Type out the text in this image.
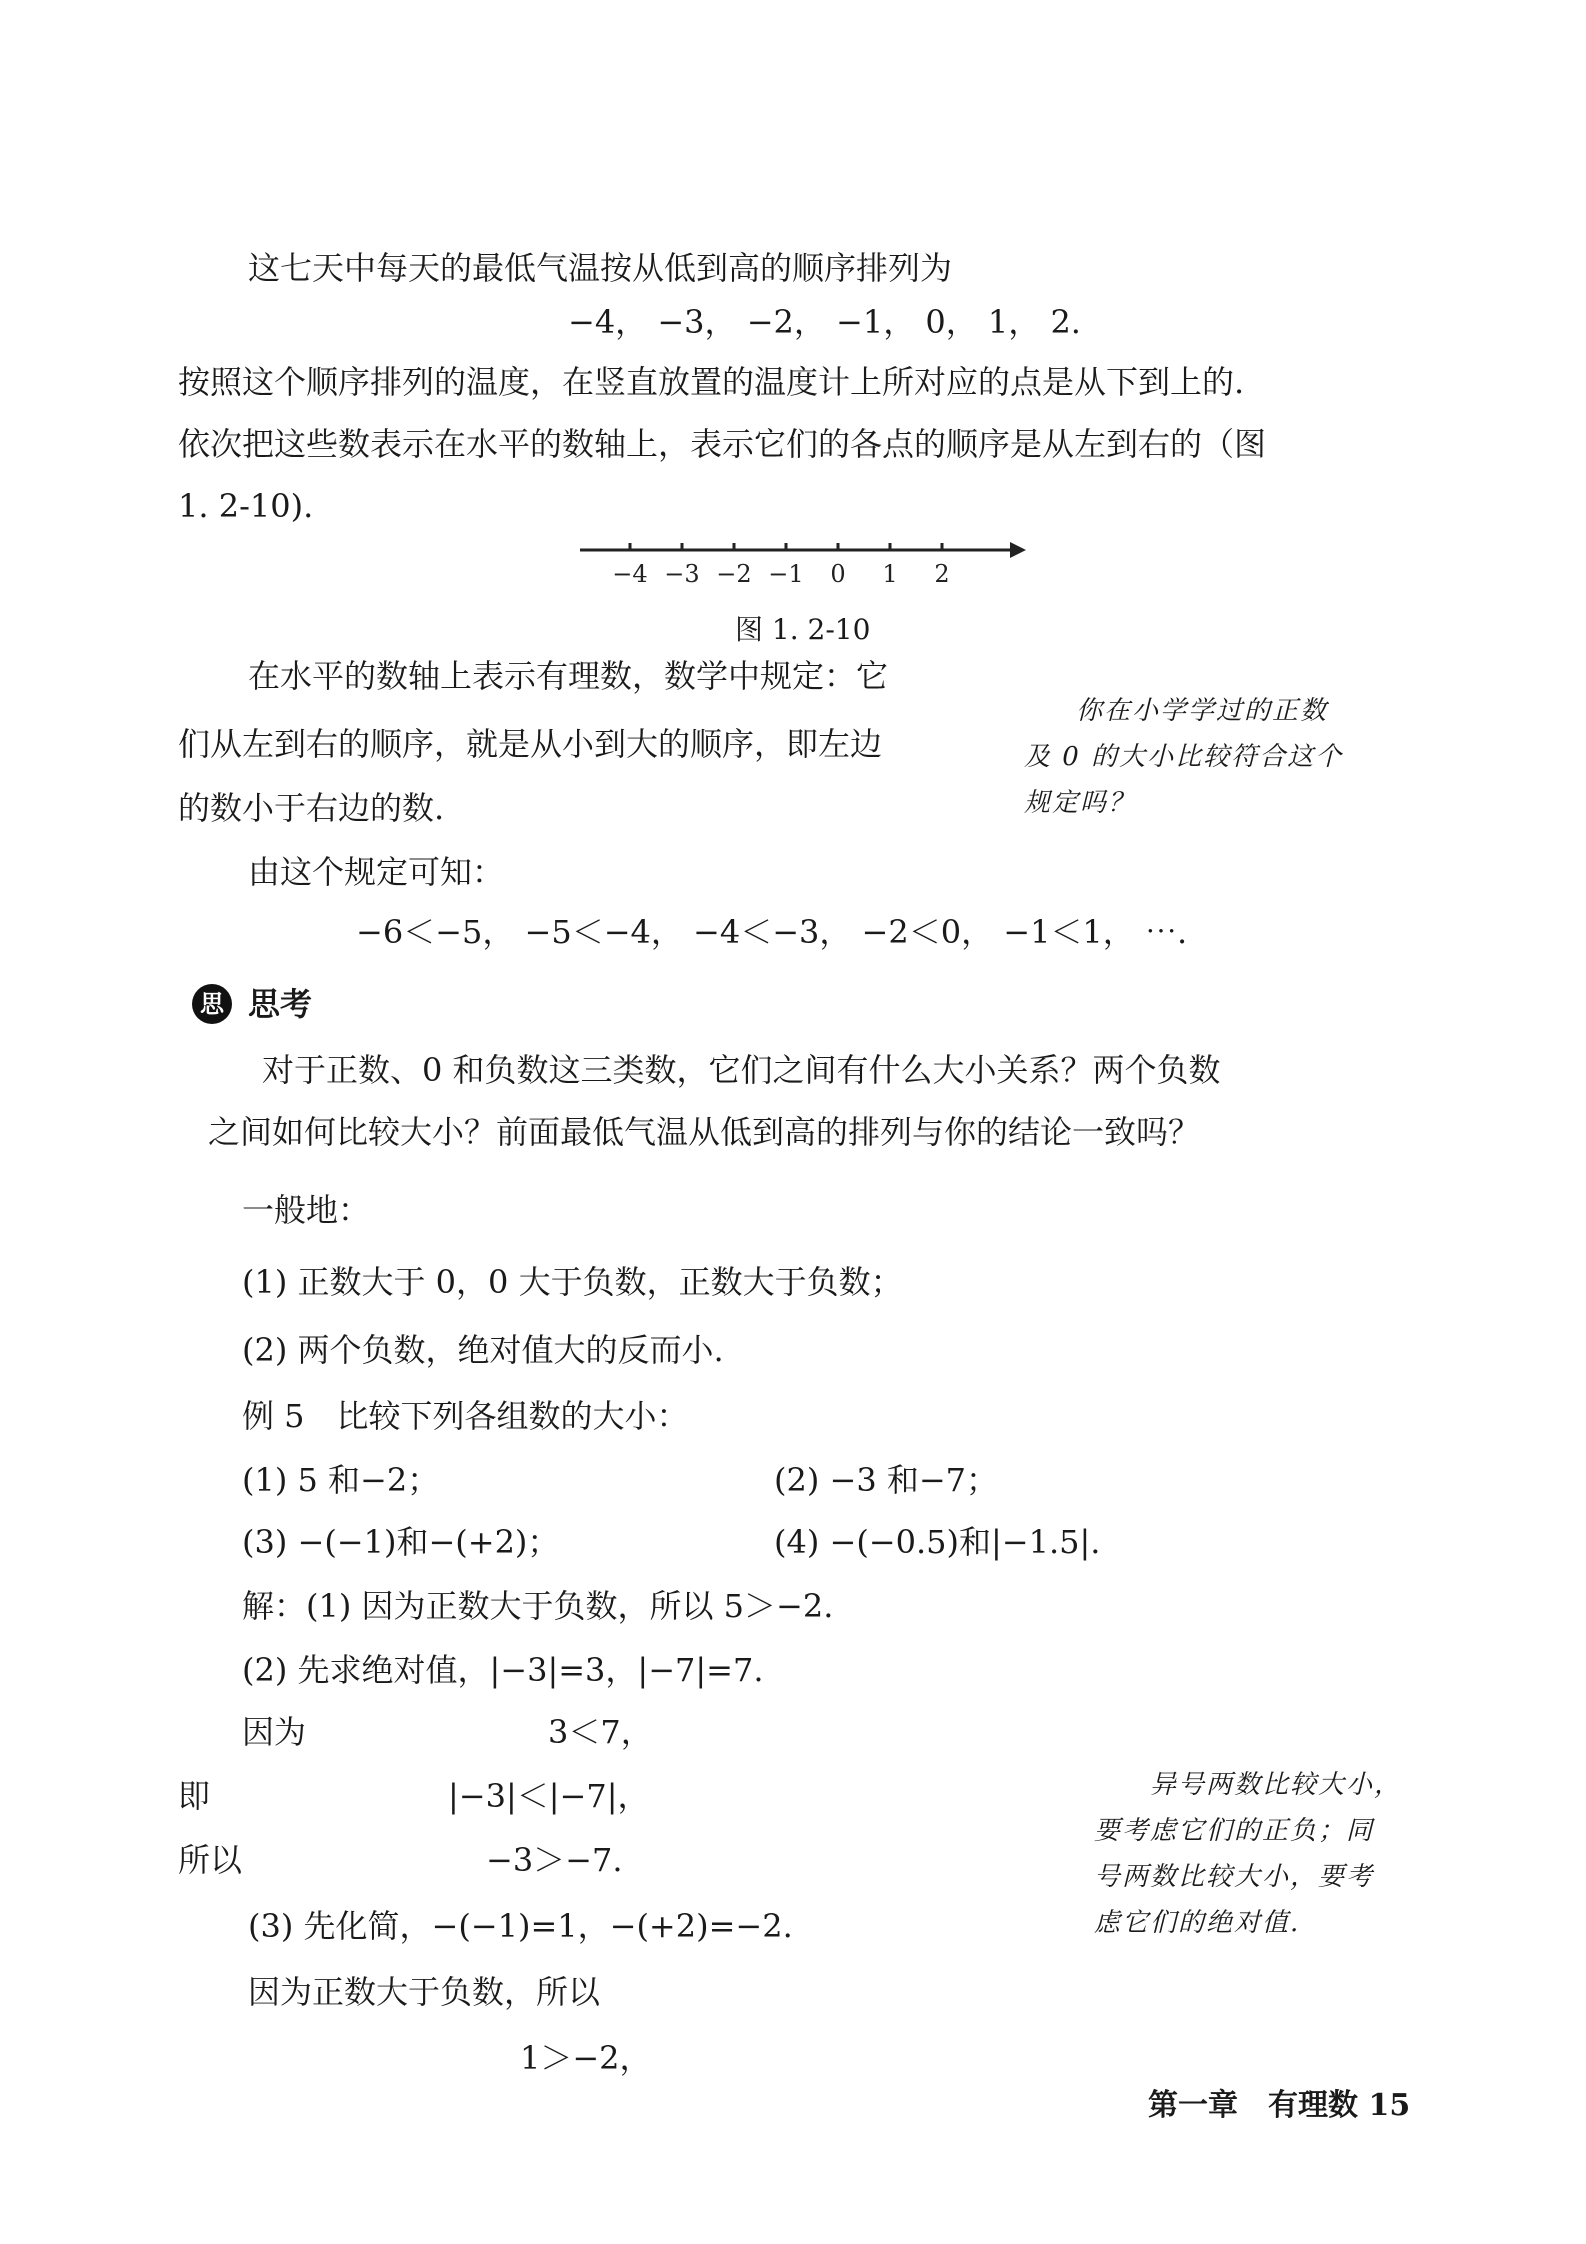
这七天中每天的最低气温按从低到高的顺序排列为
−4， −3， −2， −1， 0， 1， 2.
按照这个顺序排列的温度，在竖直放置的温度计上所对应的点是从下到上的.
依次把这些数表示在水平的数轴上，表示它们的各点的顺序是从左到右的（图
1. 2-10).
−4 −3 −2 −1 0 1 2
图 1. 2-10
在水平的数轴上表示有理数，数学中规定：它
们从左到右的顺序，就是从小到大的顺序，即左边
的数小于右边的数.
由这个规定可知：
−6＜−5， −5＜−4， −4＜−3， −2＜0， −1＜1， ⋯.
你在小学学过的正数
及 0 的大小比较符合这个
规定吗？
思 思考
对于正数、0 和负数这三类数，它们之间有什么大小关系？两个负数
之间如何比较大小？前面最低气温从低到高的排列与你的结论一致吗？
一般地：
(1) 正数大于 0，0 大于负数，正数大于负数；
(2) 两个负数，绝对值大的反而小.
例 5　比较下列各组数的大小：
(1) 5 和−2；	(2) −3 和−7；
(3) −(−1)和−(+2)；	(4) −(−0.5)和|−1.5|.
解：(1) 因为正数大于负数，所以 5＞−2.
(2) 先求绝对值，|−3|=3，|−7|=7.
因为	3＜7，
即	|−3|＜|−7|，
所以	−3＞−7.
(3) 先化简，−(−1)=1，−(+2)=−2.
因为正数大于负数，所以
1＞−2，
异号两数比较大小，
要考虑它们的正负；同
号两数比较大小，要考
虑它们的绝对值.
第一章　有理数 15
